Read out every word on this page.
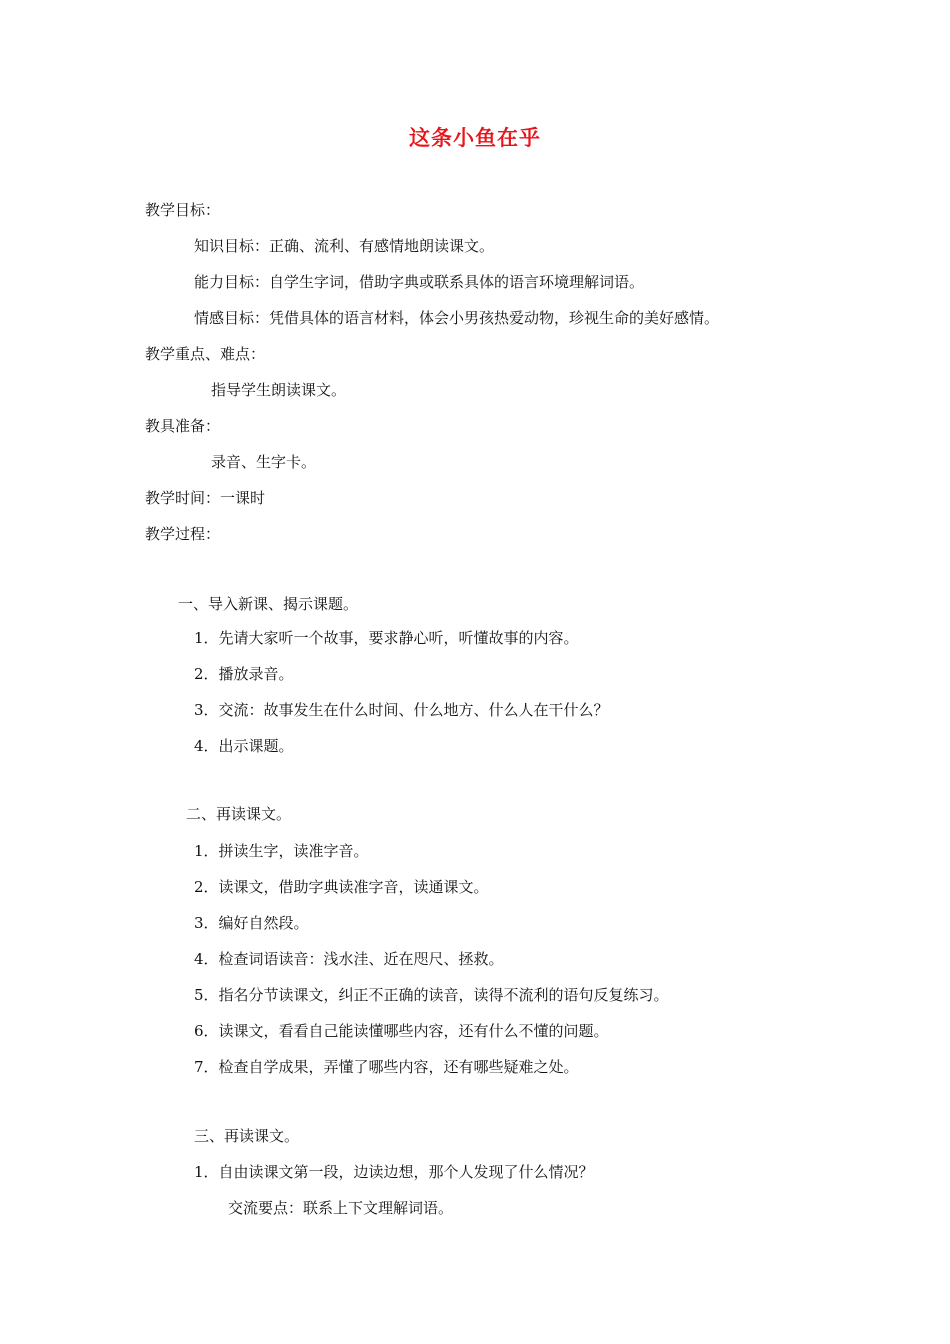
这条小鱼在乎
教学目标：
知识目标：正确、流利、有感情地朗读课文。
能力目标：自学生字词，借助字典或联系具体的语言环境理解词语。
情感目标：凭借具体的语言材料，体会小男孩热爱动物，珍视生命的美好感情。
教学重点、难点：
指导学生朗读课文。
教具准备：
录音、生字卡。
教学时间：一课时
教学过程：
一、导入新课、揭示课题。
1．先请大家听一个故事，要求静心听，听懂故事的内容。
2．播放录音。
3．交流：故事发生在什么时间、什么地方、什么人在干什么？
4．出示课题。
二、再读课文。
1．拼读生字，读准字音。
2．读课文，借助字典读准字音，读通课文。
3．编好自然段。
4．检查词语读音：浅水洼、近在咫尺、拯救。
5．指名分节读课文，纠正不正确的读音，读得不流利的语句反复练习。
6．读课文，看看自己能读懂哪些内容，还有什么不懂的问题。
7．检查自学成果，弄懂了哪些内容，还有哪些疑难之处。
三、再读课文。
1．自由读课文第一段，边读边想，那个人发现了什么情况？
交流要点：联系上下文理解词语。
